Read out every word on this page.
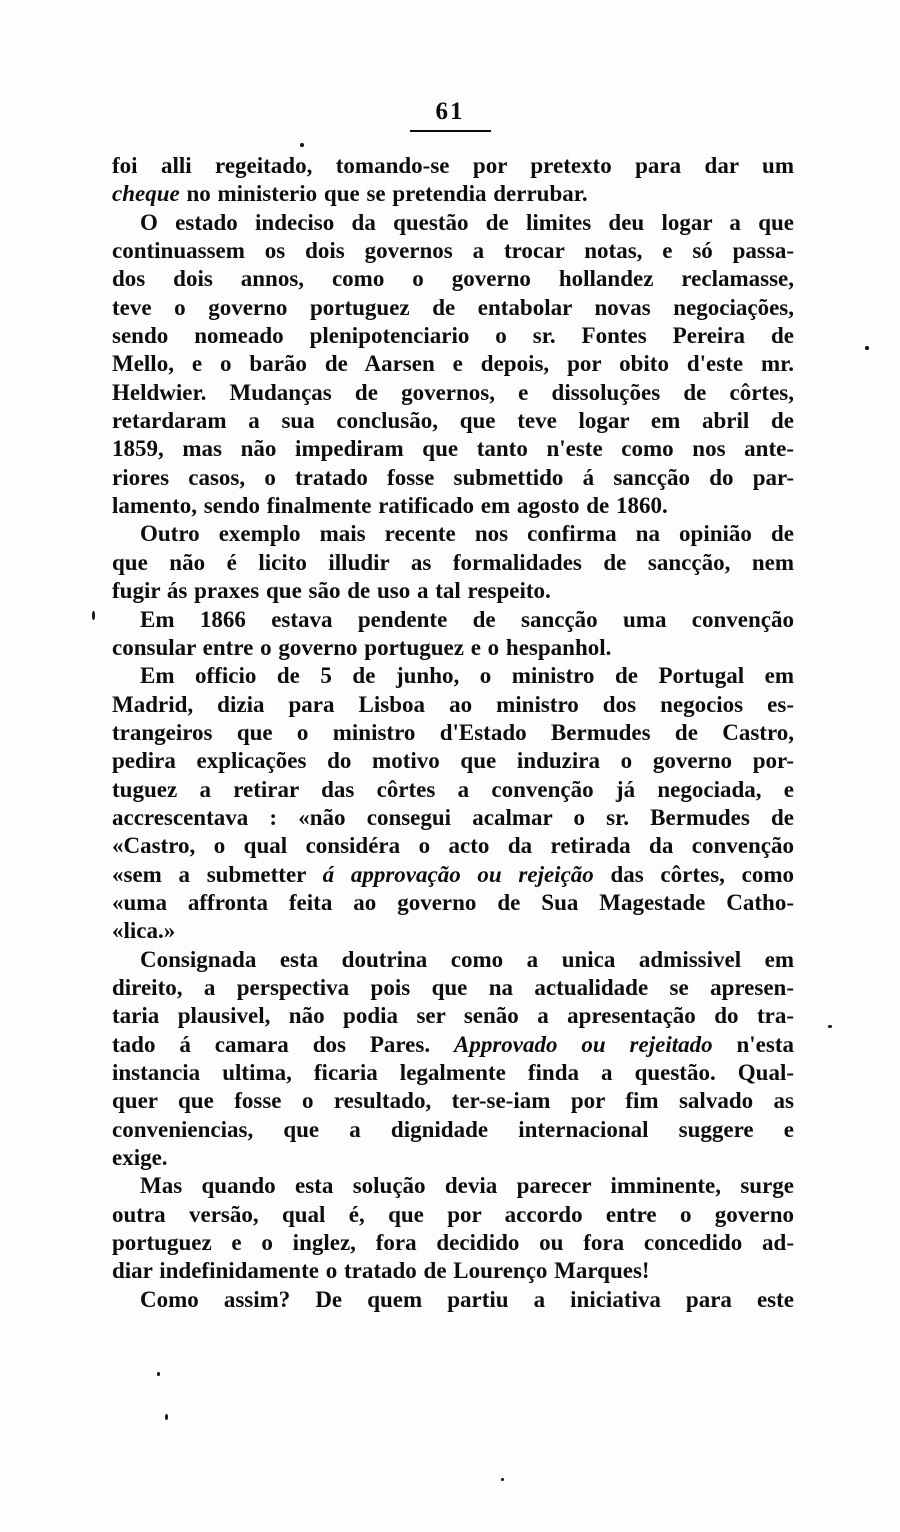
61
foi alli regeitado, tomando-se por pretexto para dar um
cheque no ministerio que se pretendia derrubar.
O estado indeciso da questão de limites deu logar a que
continuassem os dois governos a trocar notas, e só passa-
dos dois annos, como o governo hollandez reclamasse,
teve o governo portuguez de entabolar novas negociações,
sendo nomeado plenipotenciario o sr. Fontes Pereira de
Mello, e o barão de Aarsen e depois, por obito d'este mr.
Heldwier. Mudanças de governos, e dissoluções de côrtes,
retardaram a sua conclusão, que teve logar em abril de
1859, mas não impediram que tanto n'este como nos ante-
riores casos, o tratado fosse submettido á sancção do par-
lamento, sendo finalmente ratificado em agosto de 1860.
Outro exemplo mais recente nos confirma na opinião de
que não é licito illudir as formalidades de sancção, nem
fugir ás praxes que são de uso a tal respeito.
Em 1866 estava pendente de sancção uma convenção
consular entre o governo portuguez e o hespanhol.
Em officio de 5 de junho, o ministro de Portugal em
Madrid, dizia para Lisboa ao ministro dos negocios es-
trangeiros que o ministro d'Estado Bermudes de Castro,
pedira explicações do motivo que induzira o governo por-
tuguez a retirar das côrtes a convenção já negociada, e
accrescentava : «não consegui acalmar o sr. Bermudes de
«Castro, o qual considéra o acto da retirada da convenção
«sem a submetter á approvação ou rejeição das côrtes, como
«uma affronta feita ao governo de Sua Magestade Catho-
«lica.»
Consignada esta doutrina como a unica admissivel em
direito, a perspectiva pois que na actualidade se apresen-
taria plausivel, não podia ser senão a apresentação do tra-
tado á camara dos Pares. Approvado ou rejeitado n'esta
instancia ultima, ficaria legalmente finda a questão. Qual-
quer que fosse o resultado, ter-se-iam por fim salvado as
conveniencias, que a dignidade internacional suggere e
exige.
Mas quando esta solução devia parecer imminente, surge
outra versão, qual é, que por accordo entre o governo
portuguez e o inglez, fora decidido ou fora concedido ad-
diar indefinidamente o tratado de Lourenço Marques!
Como assim? De quem partiu a iniciativa para este
